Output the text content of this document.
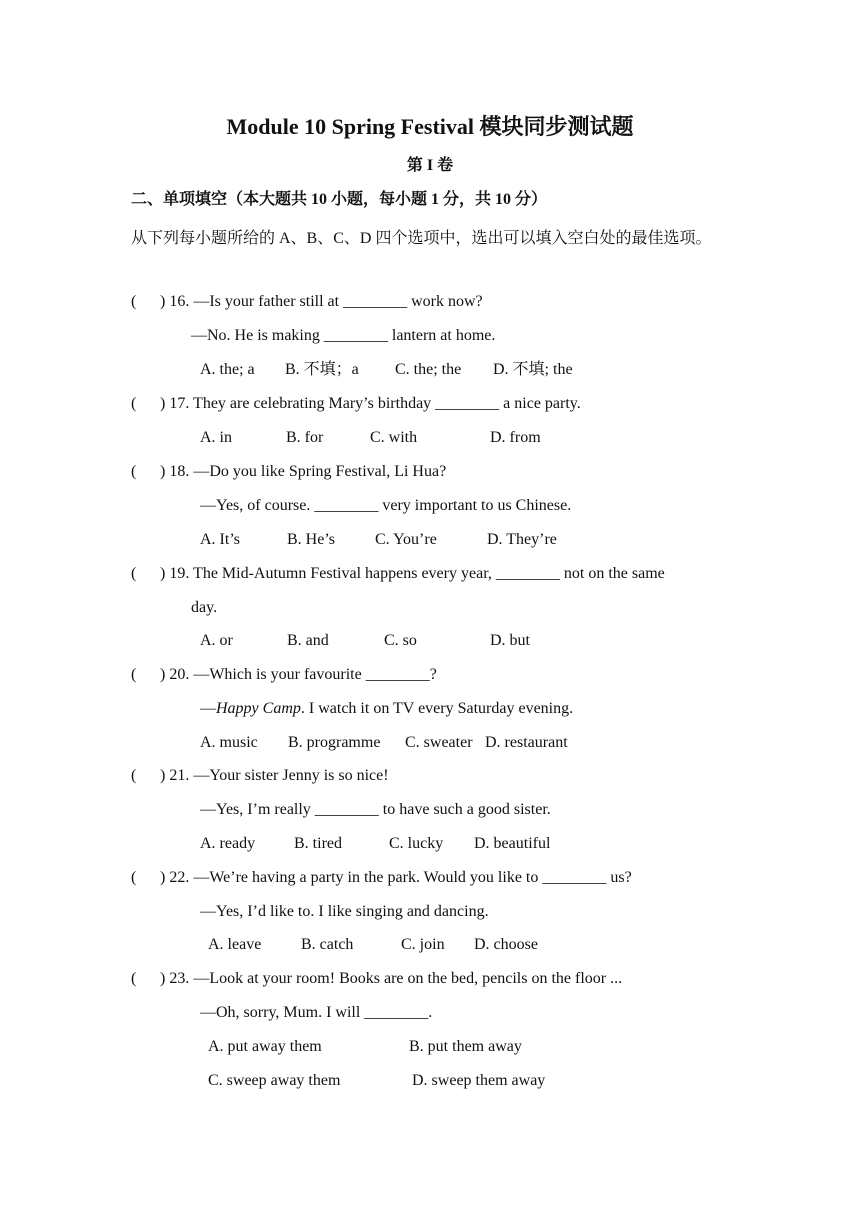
Module 10 Spring Festival 模块同步测试题
第 I 卷
二、单项填空（本大题共 10 小题，每小题 1 分，共 10 分）
从下列每小题所给的 A、B、C、D 四个选项中，选出可以填入空白处的最佳选项。
( ) 16. —Is your father still at ________ work now?
—No. He is making ________ lantern at home.
A. the; a B. 不填；a C. the; the D. 不填; the
( ) 17. They are celebrating Mary’s birthday ________ a nice party.
A. in	B. for	C. with	D. from
( ) 18. —Do you like Spring Festival, Li Hua?
—Yes, of course. ________ very important to us Chinese.
A. It’s	B. He’s	C. You’re	D. They’re
( ) 19. The Mid-Autumn Festival happens every year, ________ not on the same
day.
A. or	B. and	C. so	D. but
( ) 20. —Which is your favourite ________?
—Happy Camp. I watch it on TV every Saturday evening.
A. music B. programme C. sweater D. restaurant
( ) 21. —Your sister Jenny is so nice!
—Yes, I’m really ________ to have such a good sister.
A. ready B. tired	C. lucky D. beautiful
( ) 22. —We’re having a party in the park. Would you like to ________ us?
—Yes, I’d like to. I like singing and dancing.
A. leave B. catch	C. join D. choose
( ) 23. —Look at your room! Books are on the bed, pencils on the floor ...
—Oh, sorry, Mum. I will ________.
A. put away them	B. put them away
C. sweep away them	D. sweep them away
